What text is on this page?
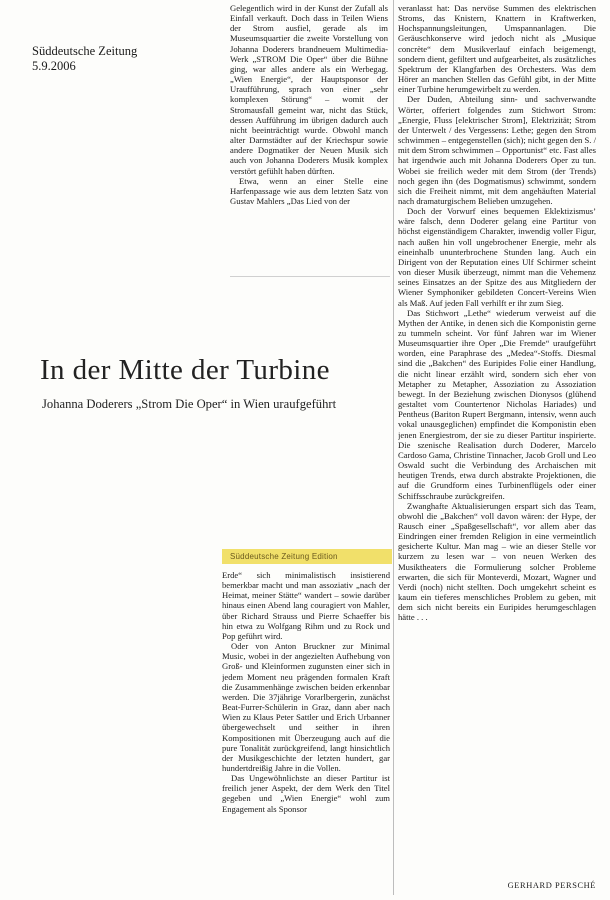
Süddeutsche Zeitung
5.9.2006

Gelegentlich wird in der Kunst der Zufall als Einfall verkauft. Doch dass in Teilen Wiens der Strom ausfiel, gerade als im Museumsquartier die zweite Vorstellung von Johanna Doderers brandneuem Multimedia-Werk „STROM Die Oper“ über die Bühne ging, war alles andere als ein Werbegag. „Wien Energie“, der Hauptsponsor der Uraufführung, sprach von einer „sehr komplexen Störung“ – womit der Stromausfall gemeint war, nicht das Stück, dessen Aufführung im übrigen dadurch auch nicht beeinträchtigt wurde. Obwohl manch alter Darmstädter auf der Kriechspur sowie andere Dogmatiker der Neuen Musik sich auch von Johanna Doderers Musik komplex verstört gefühlt haben dürften.

Etwa, wenn an einer Stelle eine Harfenpassage wie aus dem letzten Satz von Gustav Mahlers „Das Lied von der

In der Mitte der Turbine
Johanna Doderers „Strom Die Oper“ in Wien uraufgeführt
Süddeutsche Zeitung Edition

Erde“ sich minimalistisch insistierend bemerkbar macht und man assoziativ „nach der Heimat, meiner Stätte“ wandert – sowie darüber hinaus einen Abend lang couragiert von Mahler, über Richard Strauss und Pierre Schaeffer bis hin etwa zu Wolfgang Rihm und zu Rock und Pop geführt wird.

Oder von Anton Bruckner zur Minimal Music, wobei in der angezielten Aufhebung von Groß- und Kleinformen zugunsten einer sich in jedem Moment neu prägenden formalen Kraft die Zusammenhänge zwischen beiden erkennbar werden. Die 37jährige Vorarlbergerin, zunächst Beat-Furrer-Schülerin in Graz, dann aber nach Wien zu Klaus Peter Sattler und Erich Urbanner übergewechselt und seither in ihren Kompositionen mit Überzeugung auch auf die pure Tonalität zurückgreifend, langt hinsichtlich der Musikgeschichte der letzten hundert, gar hundertdreißig Jahre in die Vollen.

Das Ungewöhnlichste an dieser Partitur ist freilich jener Aspekt, der dem Werk den Titel gegeben und „Wien Energie“ wohl zum Engagement als Sponsor

veranlasst hat: Das nervöse Summen des elektrischen Stroms, das Knistern, Knattern in Kraftwerken, Hochspannungsleitungen, Umspannanlagen. Die Geräuschkonserve wird jedoch nicht als „Musique concrète“ dem Musikverlauf einfach beigemengt, sondern dient, gefiltert und aufgearbeitet, als zusätzliches Spektrum der Klangfarben des Orchesters. Was dem Hörer an manchen Stellen das Gefühl gibt, in der Mitte einer Turbine herumgewirbelt zu werden.

Der Duden, Abteilung sinn- und sachverwandte Wörter, offeriert folgendes zum Stichwort Strom: „Energie, Fluss [elektrischer Strom], Elektrizität; Strom der Unterwelt / des Vergessens: Lethe; gegen den Strom schwimmen – entgegenstellen (sich); nicht gegen den S. / mit dem Strom schwimmen – Opportunist“ etc. Fast alles hat irgendwie auch mit Johanna Doderers Oper zu tun. Wobei sie freilich weder mit dem Strom (der Trends) noch gegen ihn (des Dogmatismus) schwimmt, sondern sich die Freiheit nimmt, mit dem angehäuften Material nach dramaturgischem Belieben umzugehen.

Doch der Vorwurf eines bequemen Eklektizismus’ wäre falsch, denn Doderer gelang eine Partitur von höchst eigenständigem Charakter, inwendig voller Figur, nach außen hin voll ungebrochener Energie, mehr als eineinhalb ununterbrochene Stunden lang. Auch ein Dirigent von der Reputation eines Ulf Schirmer scheint von dieser Musik überzeugt, nimmt man die Vehemenz seines Einsatzes an der Spitze des aus Mitgliedern der Wiener Symphoniker gebildeten Concert-Vereins Wien als Maß. Auf jeden Fall verhilft er ihr zum Sieg.

Das Stichwort „Lethe“ wiederum verweist auf die Mythen der Antike, in denen sich die Komponistin gerne zu tummeln scheint. Vor fünf Jahren war im Wiener Museumsquartier ihre Oper „Die Fremde“ uraufgeführt worden, eine Paraphrase des „Medea“-Stoffs. Diesmal sind die „Bakchen“ des Euripides Folie einer Handlung, die nicht linear erzählt wird, sondern sich eher von Metapher zu Metapher, Assoziation zu Assoziation bewegt. In der Beziehung zwischen Dionysos (glühend gestaltet vom Countertenor Nicholas Hariades) und Pentheus (Bariton Rupert Bergmann, intensiv, wenn auch vokal unausgeglichen) empfindet die Komponistin eben jenen Energiestrom, der sie zu dieser Partitur inspirierte. Die szenische Realisation durch Doderer, Marcelo Cardoso Gama, Christine Tinnacher, Jacob Groll und Leo Oswald sucht die Verbindung des Archaischen mit heutigen Trends, etwa durch abstrakte Projektionen, die auf die Grundform eines Turbinenflügels oder einer Schiffsschraube zurückgreifen.

Zwanghafte Aktualisierungen erspart sich das Team, obwohl die „Bakchen“ voll davon wären: der Hype, der Rausch einer „Spaßgesellschaft“, vor allem aber das Eindringen einer fremden Religion in eine vermeintlich gesicherte Kultur. Man mag – wie an dieser Stelle vor kurzem zu lesen war – von neuen Werken des Musiktheaters die Formulierung solcher Probleme erwarten, die sich für Monteverdi, Mozart, Wagner und Verdi (noch) nicht stellten. Doch umgekehrt scheint es kaum ein tieferes menschliches Problem zu geben, mit dem sich nicht bereits ein Euripides herumgeschlagen hätte . . .

GERHARD PERSCHÉ
